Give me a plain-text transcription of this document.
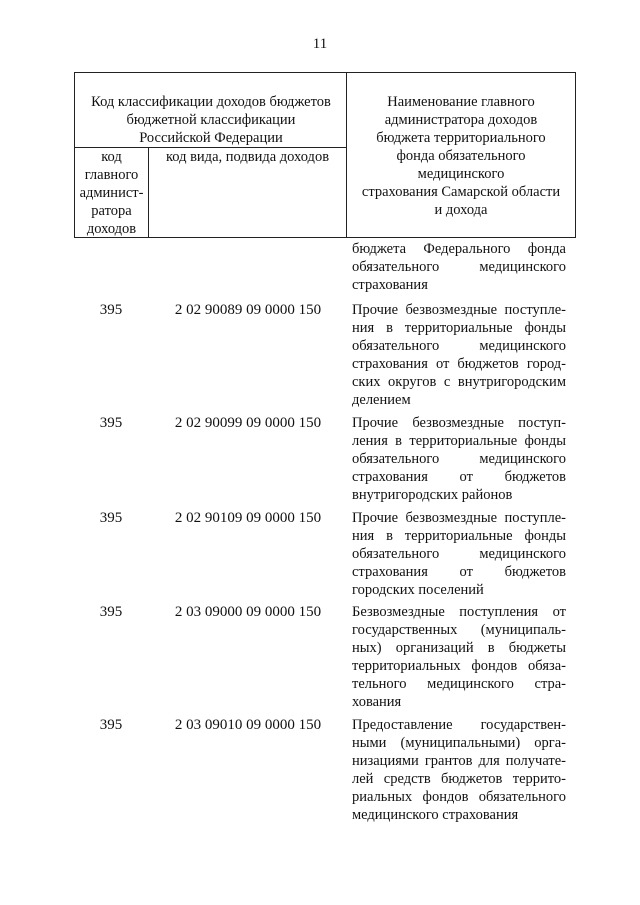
11
Код классификации доходов бюджетов
бюджетной классификации
Российской Федерации
код
главного
админист-
ратора
доходов
код вида, подвида доходов
Наименование главного
администратора доходов
бюджета территориального
фонда обязательного
медицинского
страхования Самарской области
и дохода
бюджета Федерального фонда
обязательного медицинского
страхования
395	2 02 90089 09 0000 150	Прочие безвозмездные поступле-
ния в территориальные фонды
обязательного медицинского
страхования от бюджетов город-
ских округов с внутригородским
делением
395	2 02 90099 09 0000 150	Прочие безвозмездные поступ-
ления в территориальные фонды
обязательного медицинского
страхования от бюджетов
внутригородских районов
395	2 02 90109 09 0000 150	Прочие безвозмездные поступле-
ния в территориальные фонды
обязательного медицинского
страхования от бюджетов
городских поселений
395	2 03 09000 09 0000 150	Безвозмездные поступления от
государственных (муниципаль-
ных) организаций в бюджеты
территориальных фондов обяза-
тельного медицинского стра-
хования
395	2 03 09010 09 0000 150	Предоставление государствен-
ными (муниципальными) орга-
низациями грантов для получате-
лей средств бюджетов террито-
риальных фондов обязательного
медицинского страхования
